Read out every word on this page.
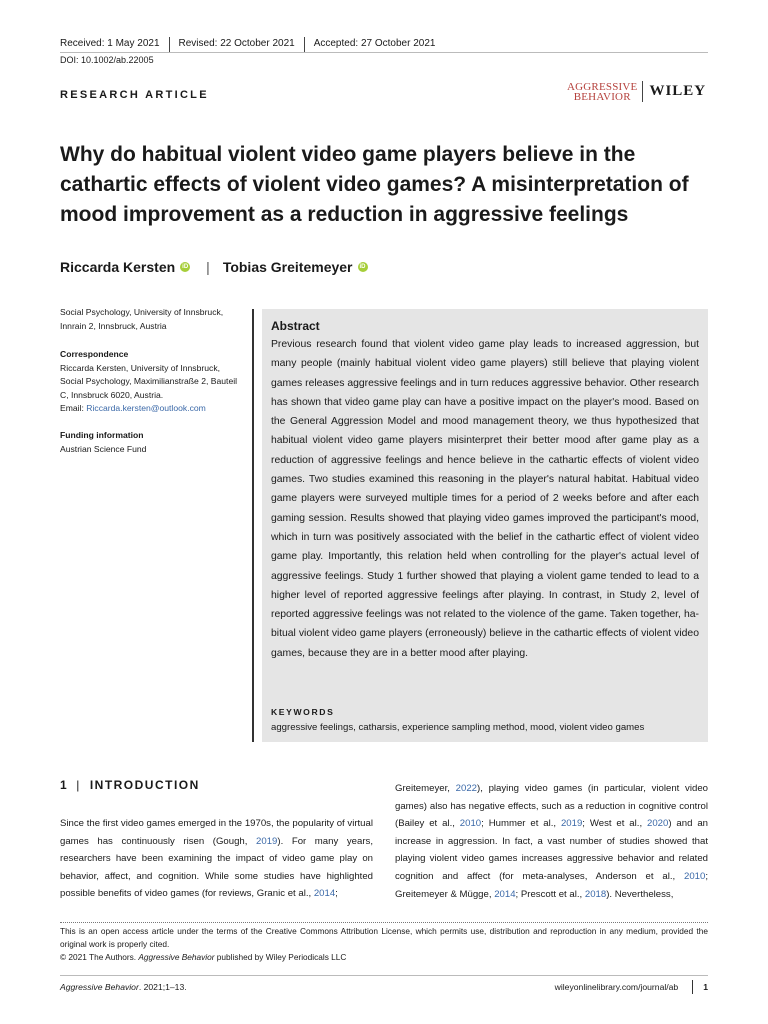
Received: 1 May 2021	Revised: 22 October 2021	Accepted: 27 October 2021
DOI: 10.1002/ab.22005
RESEARCH ARTICLE
AGGRESSIVE
BEHAVIOR	WILEY
Why do habitual violent video game players believe in the cathartic effects of violent video games? A misinterpretation of mood improvement as a reduction in aggressive feelings
Riccarda Kersten	iD | Tobias Greitemeyer	iD
Social Psychology, University of Innsbruck, Innrain 2, Innsbruck, Austria
Correspondence
Riccarda Kersten, University of Innsbruck, Social Psychology, Maximilianstraße 2, Bauteil C, Innsbruck 6020, Austria.
Email: Riccarda.kersten@outlook.com
Funding information
Austrian Science Fund
Abstract
Previous research found that violent video game play leads to increased aggression, but many people (mainly habitual violent video game players) still believe that playing violent games releases aggressive feelings and in turn reduces aggressive behavior. Other research has shown that video game play can have a positive impact on the player's mood. Based on the General Aggression Model and mood management theory, we thus hypothesized that habitual violent video game players misinterpret their better mood after game play as a reduction of aggressive feelings and hence believe in the cathartic effects of violent video games. Two studies examined this reasoning in the player's natural habitat. Habitual video game players were surveyed multiple times for a period of 2 weeks before and after each gaming session. Results showed that playing video games improved the participant's mood, which in turn was positively associated with the belief in the cathartic effect of violent video game play. Importantly, this relation held when controlling for the player's actual level of aggressive feelings. Study 1 further showed that playing a violent game tended to lead to a higher level of reported aggressive feelings after playing. In contrast, in Study 2, level of reported aggressive feelings was not related to the violence of the game. Taken together, habitual violent video game players (erroneously) believe in the cathartic effects of violent video games, because they are in a better mood after playing.
KEYWORDS
aggressive feelings, catharsis, experience sampling method, mood, violent video games
1 | INTRODUCTION
Since the first video games emerged in the 1970s, the popularity of virtual games has continuously risen (Gough, 2019). For many years, researchers have been examining the impact of video game play on behavior, affect, and cognition. While some studies have highlighted possible benefits of video games (for reviews, Granic et al., 2014;
Greitemeyer, 2022), playing video games (in particular, violent video games) also has negative effects, such as a reduction in cognitive control (Bailey et al., 2010; Hummer et al., 2019; West et al., 2020) and an increase in aggression. In fact, a vast number of studies showed that playing violent video games increases aggressive behavior and related cognition and affect (for meta-analyses, Anderson et al., 2010; Greitemeyer & Mügge, 2014; Prescott et al., 2018). Nevertheless,
This is an open access article under the terms of the Creative Commons Attribution License, which permits use, distribution and reproduction in any medium, provided the original work is properly cited.
© 2021 The Authors. Aggressive Behavior published by Wiley Periodicals LLC
Aggressive Behavior. 2021;1–13.	wileyonlinelibrary.com/journal/ab	1
